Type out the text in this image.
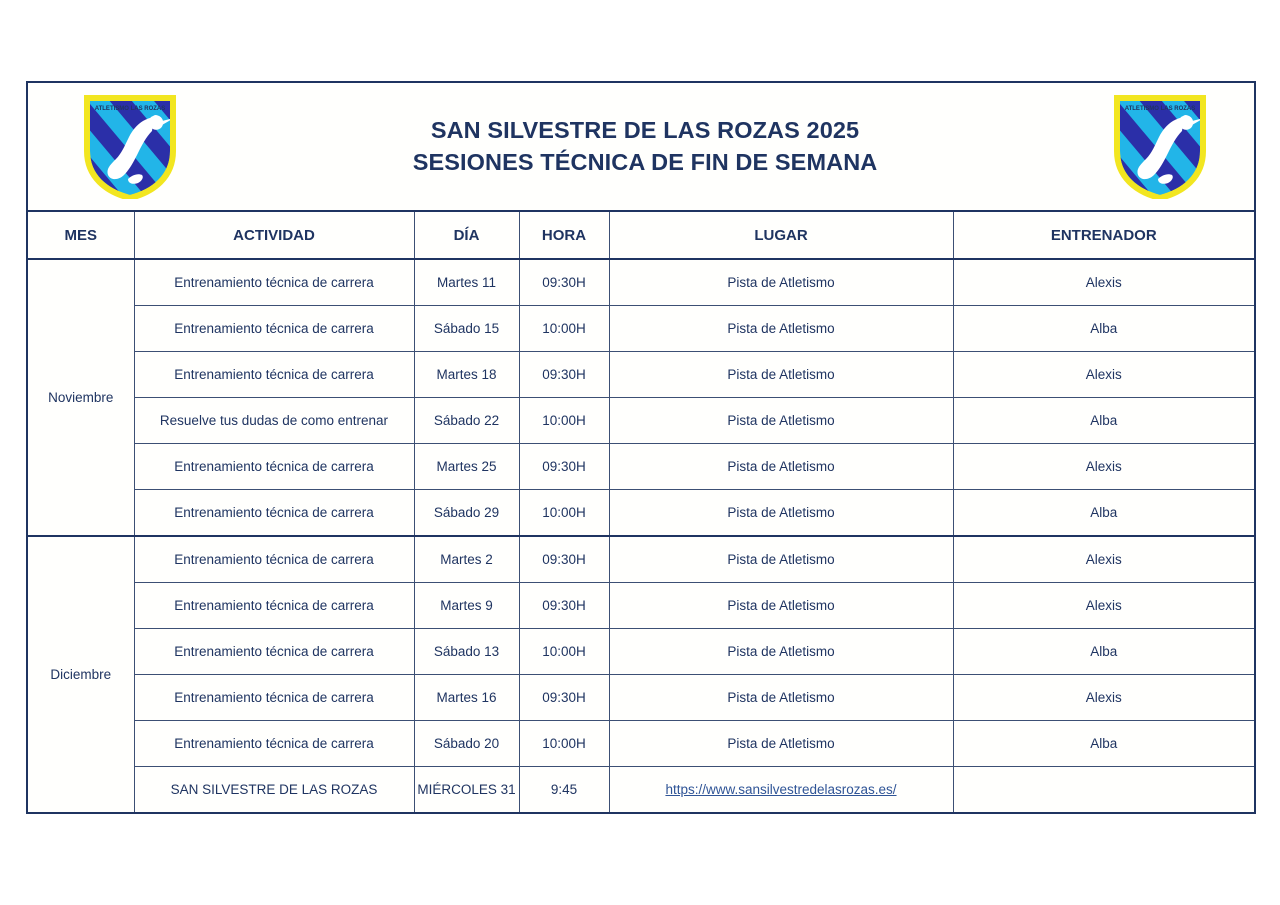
ATLETISMO LAS ROZAS
SAN SILVESTRE DE LAS ROZAS 2025
SESIONES TÉCNICA DE FIN DE SEMANA
ATLETISMO LAS ROZAS					

MES	ACTIVIDAD	DÍA	HORA	LUGAR	ENTRENADOR
Noviembre	Entrenamiento técnica de carrera	Martes 11	09:30H	Pista de Atletismo	Alexis
	Entrenamiento técnica de carrera	Sábado 15	10:00H	Pista de Atletismo	Alba
	Entrenamiento técnica de carrera	Martes 18	09:30H	Pista de Atletismo	Alexis
	Resuelve tus dudas de como entrenar	Sábado 22	10:00H	Pista de Atletismo	Alba
	Entrenamiento técnica de carrera	Martes 25	09:30H	Pista de Atletismo	Alexis
	Entrenamiento técnica de carrera	Sábado 29	10:00H	Pista de Atletismo	Alba
Diciembre	Entrenamiento técnica de carrera	Martes 2	09:30H	Pista de Atletismo	Alexis
	Entrenamiento técnica de carrera	Martes 9	09:30H	Pista de Atletismo	Alexis
	Entrenamiento técnica de carrera	Sábado 13	10:00H	Pista de Atletismo	Alba
	Entrenamiento técnica de carrera	Martes 16	09:30H	Pista de Atletismo	Alexis
	Entrenamiento técnica de carrera	Sábado 20	10:00H	Pista de Atletismo	Alba
	SAN SILVESTRE DE LAS ROZAS	MIÉRCOLES 31	9:45	https://www.sansilvestredelasrozas.es/	
